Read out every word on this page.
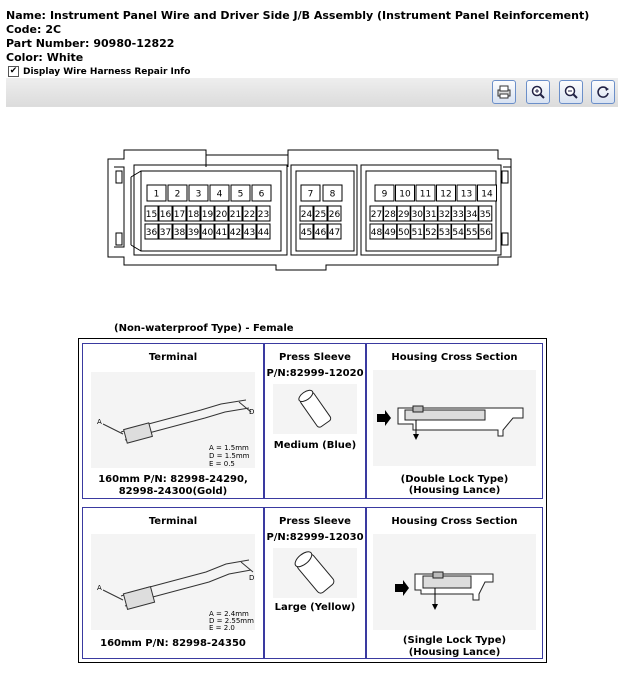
Name: Instrument Panel Wire and Driver Side J/B Assembly (Instrument Panel Reinforcement)
Code: 2C
Part Number: 90980-12822
Color: White
✔ Display Wire Harness Repair Info
1 2 3 4 5 6
15 16 17 18 19 20 21 22 23
36 37 38 39 40 41 42 43 44
7 8
24 25 26
45 46 47
9 10 11 12 13 14
27 28 29 30 31 32 33 34 35
48 49 50 51 52 53 54 55 56
(Non-waterproof Type) - Female
Terminal
A
D
A = 1.5mm
D = 1.5mm
E = 0.5
160mm P/N: 82998-24290,
82998-24300(Gold)
Press Sleeve
P/N:82999-12020
Medium (Blue)
Housing Cross Section
(Double Lock Type)
(Housing Lance)
Terminal
A
D
A = 2.4mm
D = 2.55mm
E = 2.0
160mm P/N: 82998-24350
Press Sleeve
P/N:82999-12030
Large (Yellow)
Housing Cross Section
(Single Lock Type)
(Housing Lance)
